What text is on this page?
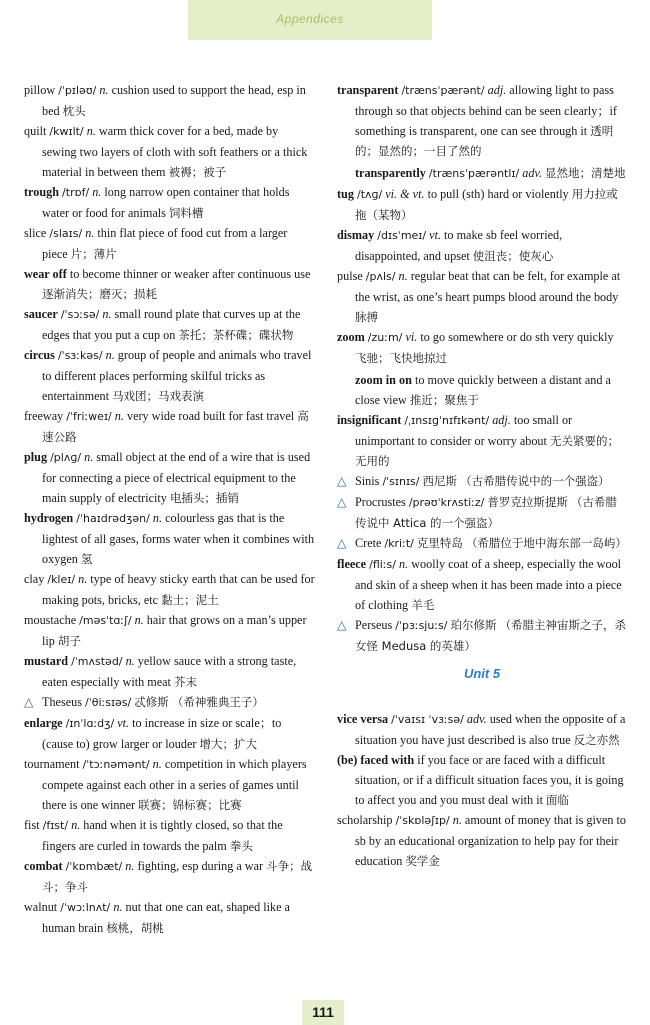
Appendices

pillow /ˈpɪləʊ/ n. cushion used to support the head, esp in bed 枕头

quilt /kwɪlt/ n. warm thick cover for a bed, made by sewing two layers of cloth with soft feathers or a thick material in between them 被褥；被子

trough /trɒf/ n. long narrow open container that holds water or food for animals 饲料槽

slice /slaɪs/ n. thin flat piece of food cut from a larger piece 片；薄片

wear off to become thinner or weaker after continuous use 逐渐消失；磨灭；损耗

saucer /ˈsɔːsə/ n. small round plate that curves up at the edges that you put a cup on 茶托；茶杯碟；碟状物

circus /ˈsɜːkəs/ n. group of people and animals who travel to different places performing skilful tricks as entertainment 马戏团；马戏表演

freeway /ˈfriːweɪ/ n. very wide road built for fast travel 高速公路

plug /plʌɡ/ n. small object at the end of a wire that is used for connecting a piece of electrical equipment to the main supply of electricity 电插头；插销

hydrogen /ˈhaɪdrədʒən/ n. colourless gas that is the lightest of all gases, forms water when it combines with oxygen 氢

clay /kleɪ/ n. type of heavy sticky earth that can be used for making pots, bricks, etc 黏土；泥土

moustache /məsˈtɑːʃ/ n. hair that grows on a man’s upper lip 胡子

mustard /ˈmʌstəd/ n. yellow sauce with a strong taste, eaten especially with meat 芥末

△ Theseus /ˈθiːsɪəs/ 忒修斯 （希神雅典王子）

enlarge /ɪnˈlɑːdʒ/ vt. to increase in size or scale；to (cause to) grow larger or louder 增大；扩大

tournament /ˈtɔːnəmənt/ n. competition in which players compete against each other in a series of games until there is one winner 联赛；锦标赛；比赛

fist /fɪst/ n. hand when it is tightly closed, so that the fingers are curled in towards the palm 拳头

combat /ˈkɒmbæt/ n. fighting, esp during a war 斗争；战斗；争斗

walnut /ˈwɔːlnʌt/ n. nut that one can eat, shaped like a human brain 核桃，胡桃

transparent /trænsˈpærənt/ adj. allowing light to pass through so that objects behind can be seen clearly；if something is transparent, one can see through it 透明的；显然的；一目了然的

transparently /trænsˈpærəntlɪ/ adv. 显然地；清楚地

tug /tʌɡ/ vi. & vt. to pull (sth) hard or violently 用力拉或拖（某物）

dismay /dɪsˈmeɪ/ vt. to make sb feel worried, disappointed, and upset 使沮丧；使灰心

pulse /pʌls/ n. regular beat that can be felt, for example at the wrist, as one’s heart pumps blood around the body 脉搏

zoom /zuːm/ vi. to go somewhere or do sth very quickly 飞驰；飞快地掠过

zoom in on to move quickly between a distant and a close view 推近；聚焦于

insignificant /ˌɪnsɪɡˈnɪfɪkənt/ adj. too small or unimportant to consider or worry about 无关紧要的；无用的

△ Sinis /ˈsɪnɪs/ 西尼斯 （古希腊传说中的一个强盗）

△ Procrustes /prəʊˈkrʌstiːz/ 普罗克拉斯提斯 （古希腊传说中 Attica 的一个强盗）

△ Crete /kriːt/ 克里特岛 （希腊位于地中海东部一岛屿）

fleece /fliːs/ n. woolly coat of a sheep, especially the wool and skin of a sheep when it has been made into a piece of clothing 羊毛

△ Perseus /ˈpɜːsjuːs/ 珀尔修斯 （希腊主神宙斯之子，杀女怪 Medusa 的英雄）

Unit 5

vice versa /ˈvaɪsɪ ˈvɜːsə/ adv. used when the opposite of a situation you have just described is also true 反之亦然

(be) faced with if you face or are faced with a difficult situation, or if a difficult situation faces you, it is going to affect you and you must deal with it 面临

scholarship /ˈskɒləʃɪp/ n. amount of money that is given to sb by an educational organization to help pay for their education 奖学金

111
